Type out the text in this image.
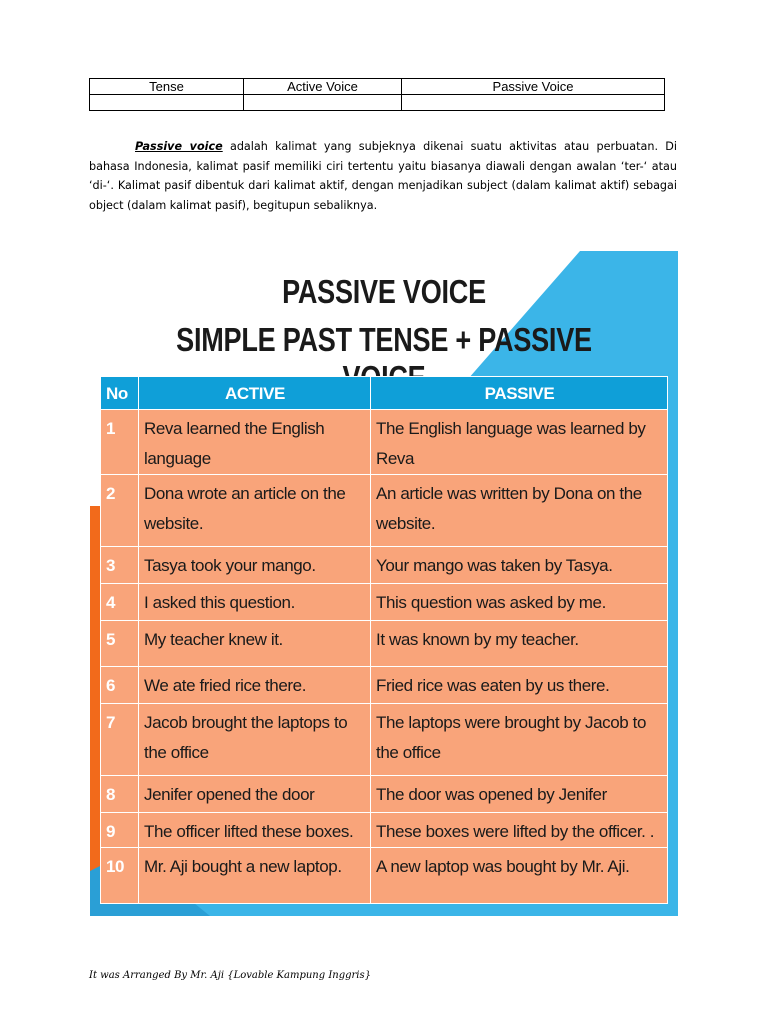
Tense	Active Voice	Passive Voice

Passive voice adalah kalimat yang subjeknya dikenai suatu aktivitas atau perbuatan. Di bahasa Indonesia, kalimat pasif memiliki ciri tertentu yaitu biasanya diawali dengan awalan ‘ter-‘ atau ‘di-‘. Kalimat pasif dibentuk dari kalimat aktif, dengan menjadikan subject (dalam kalimat aktif) sebagai object (dalam kalimat pasif), begitupun sebaliknya.

PASSIVE VOICE
SIMPLE PAST TENSE + PASSIVE
No	ACTIVE	PASSIVE
1	Reva learned the English language	The English language was learned by Reva
2	Dona wrote an article on the website.	An article was written by Dona on the website.
3	Tasya took your mango.	Your mango was taken by Tasya.
4	I asked this question.	This question was asked by me.
5	My teacher knew it.	It was known by my teacher.
6	We ate fried rice there.	Fried rice was eaten by us there.
7	Jacob brought the laptops to the office	The laptops were brought by Jacob to the office
8	Jenifer opened the door	The door was opened by Jenifer
9	The officer lifted these boxes.	These boxes were lifted by the officer. .
10	Mr. Aji bought a new laptop.	A new laptop was bought by Mr. Aji.
It was Arranged By Mr. Aji {Lovable Kampung Inggris}
